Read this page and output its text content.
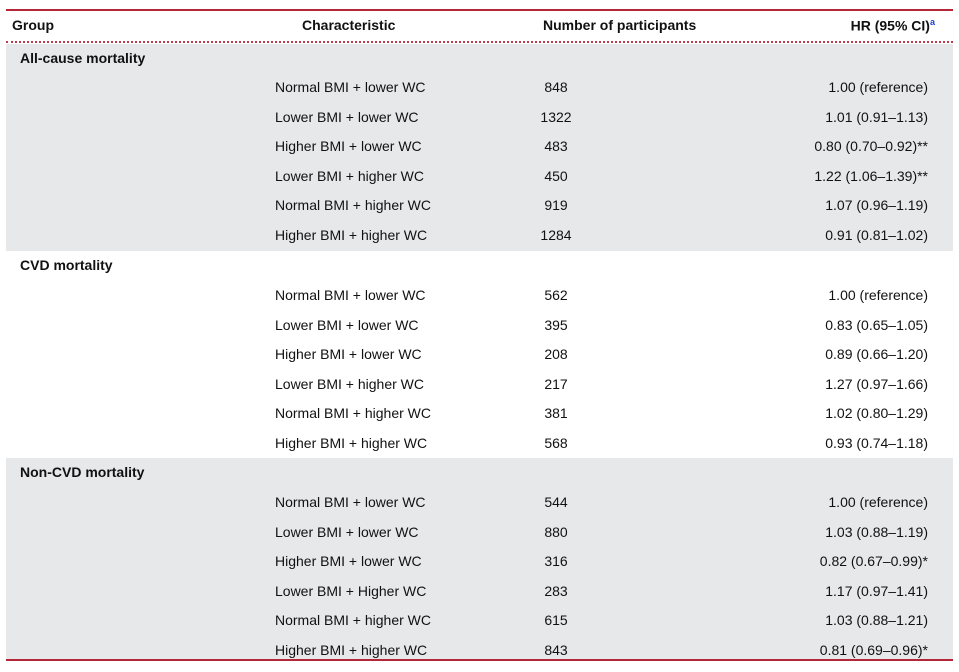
Group	Characteristic	Number of participants	HR (95% CI)$^a$
All-cause mortality
Normal BMI + lower WC	848	1.00 (reference)
Lower BMI + lower WC	1322	1.01 (0.91–1.13)
Higher BMI + lower WC	483	0.80 (0.70–0.92)**
Lower BMI + higher WC	450	1.22 (1.06–1.39)**
Normal BMI + higher WC	919	1.07 (0.96–1.19)
Higher BMI + higher WC	1284	0.91 (0.81–1.02)
CVD mortality
Normal BMI + lower WC	562	1.00 (reference)
Lower BMI + lower WC	395	0.83 (0.65–1.05)
Higher BMI + lower WC	208	0.89 (0.66–1.20)
Lower BMI + higher WC	217	1.27 (0.97–1.66)
Normal BMI + higher WC	381	1.02 (0.80–1.29)
Higher BMI + higher WC	568	0.93 (0.74–1.18)
Non-CVD mortality
Normal BMI + lower WC	544	1.00 (reference)
Lower BMI + lower WC	880	1.03 (0.88–1.19)
Higher BMI + lower WC	316	0.82 (0.67–0.99)*
Lower BMI + Higher WC	283	1.17 (0.97–1.41)
Normal BMI + higher WC	615	1.03 (0.88–1.21)
Higher BMI + higher WC	843	0.81 (0.69–0.96)*
